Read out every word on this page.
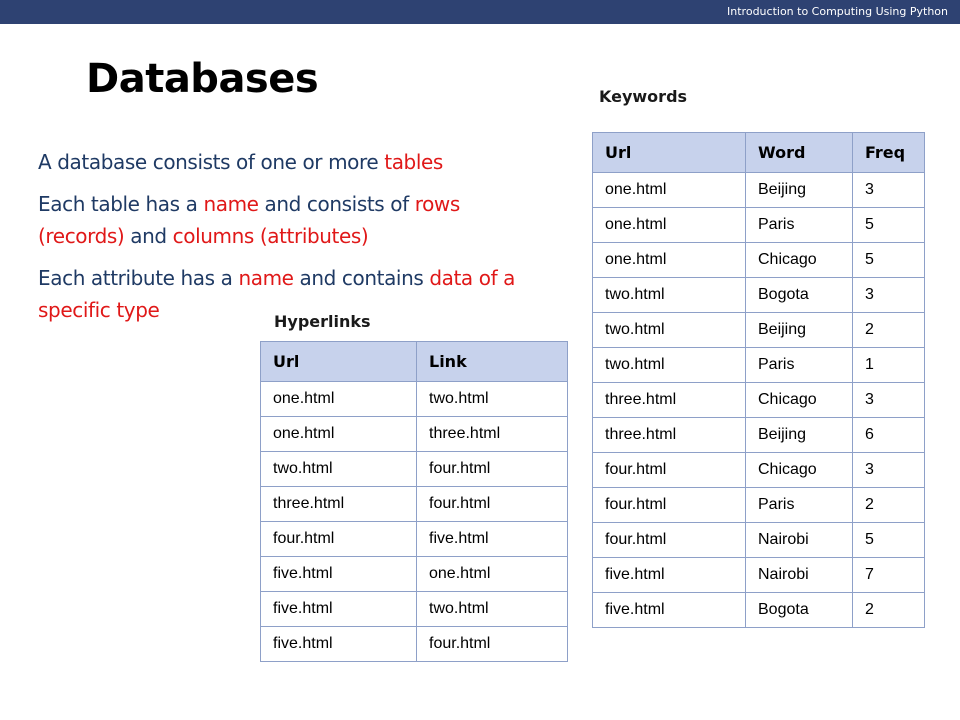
Introduction to Computing Using Python
Databases

A database consists of one or more tables

Each table has a name and consists of rows
(records) and columns (attributes)

Each attribute has a name and contains data of a specific type

Keywords
Url	Word	Freq
one.html	Beijing	3
one.html	Paris	5
one.html	Chicago	5
two.html	Bogota	3
two.html	Beijing	2
two.html	Paris	1
three.html	Chicago	3
three.html	Beijing	6
four.html	Chicago	3
four.html	Paris	2
four.html	Nairobi	5
five.html	Nairobi	7
five.html	Bogota	2
Hyperlinks
Url	Link
one.html	two.html
one.html	three.html
two.html	four.html
three.html	four.html
four.html	five.html
five.html	one.html
five.html	two.html
five.html	four.html
